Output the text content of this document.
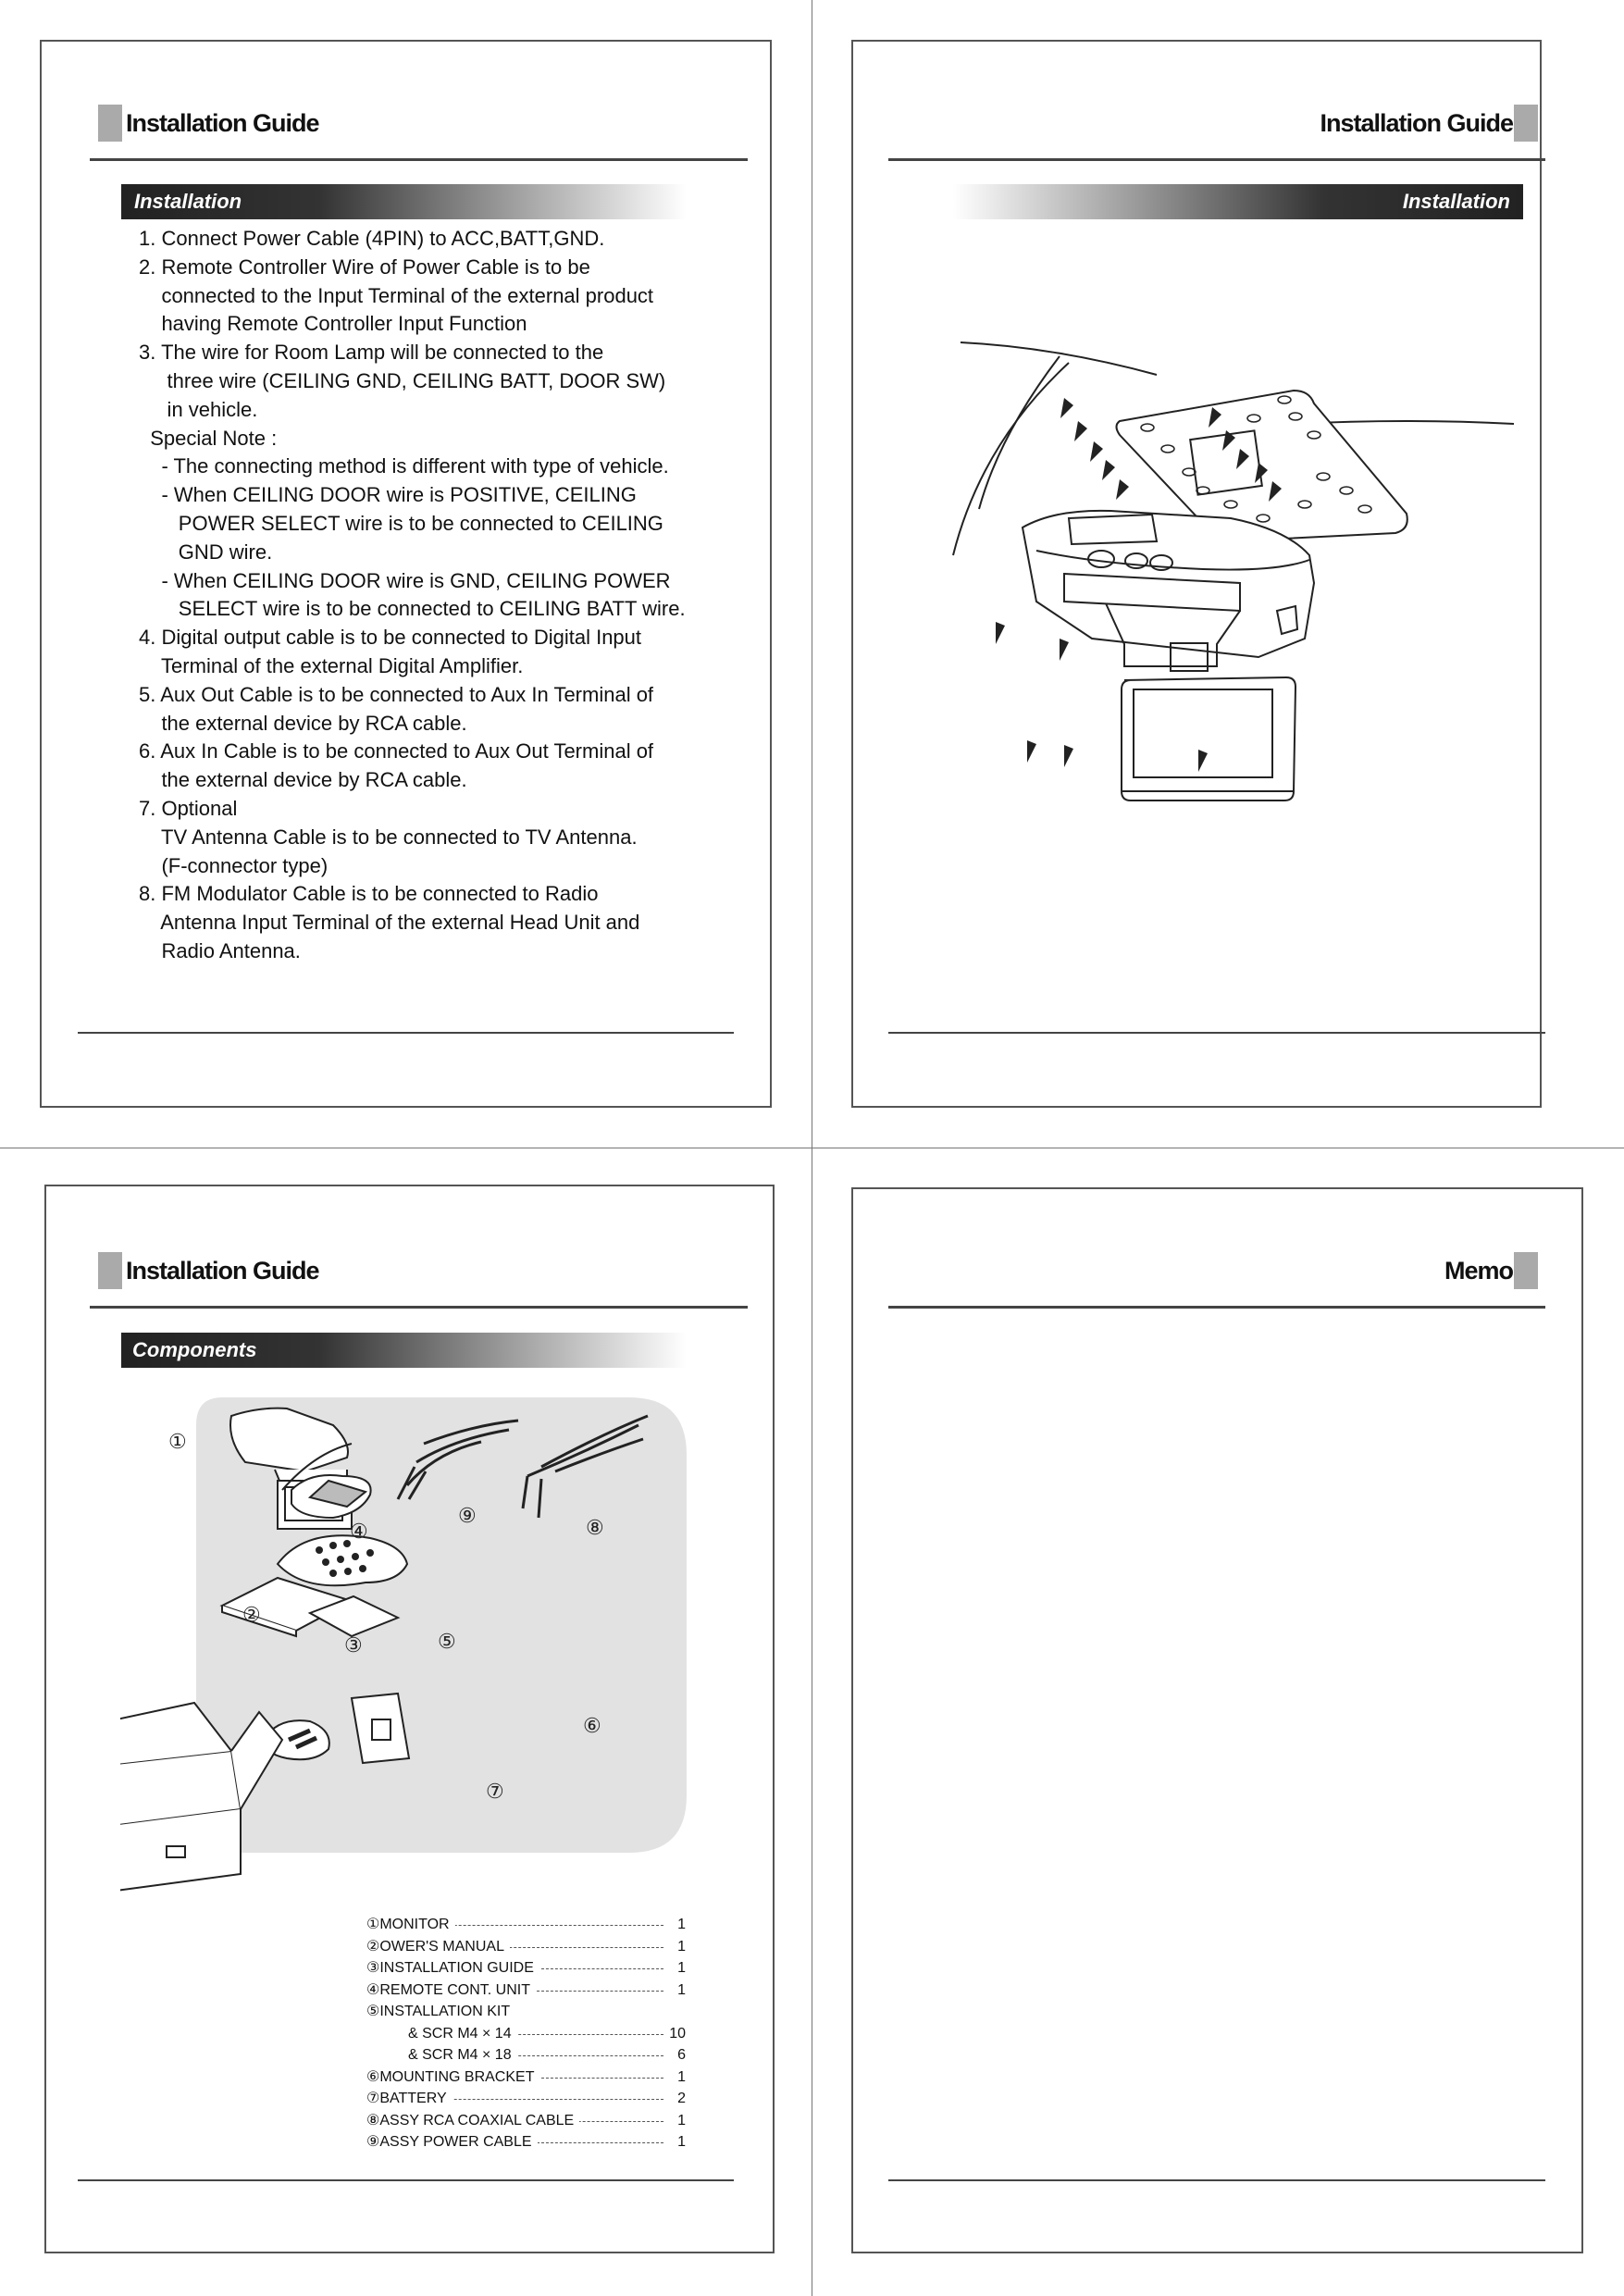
Installation Guide
Installation
1. Connect Power Cable (4PIN) to ACC,BATT,GND.
2. Remote Controller Wire of Power Cable is to be
connected to the Input Terminal of the external product
having Remote Controller Input Function
3. The wire for Room Lamp will be connected to the
three wire (CEILING GND, CEILING BATT, DOOR SW)
in vehicle.
Special Note :
- The connecting method is different with type of vehicle.
- When CEILING DOOR wire is POSITIVE, CEILING
POWER SELECT wire is to be connected to CEILING
GND wire.
- When CEILING DOOR wire is GND, CEILING POWER
SELECT wire is to be connected to CEILING BATT wire.
4. Digital output cable is to be connected to Digital Input
Terminal of the external Digital Amplifier.
5. Aux Out Cable is to be connected to Aux In Terminal of
the external device by RCA cable.
6. Aux In Cable is to be connected to Aux Out Terminal of
the external device by RCA cable.
7. Optional
TV Antenna Cable is to be connected to TV Antenna.
(F-connector type)
8. FM Modulator Cable is to be connected to Radio
Antenna Input Terminal of the external Head Unit and
Radio Antenna.
Installation Guide
Installation
Installation Guide
Components
①
②
③
④
⑤
⑥
⑦
⑧
⑨
①MONITOR	1
②OWER'S MANUAL	1
③INSTALLATION GUIDE	1
④REMOTE CONT. UNIT	1
⑤INSTALLATION KIT
& SCR M4 × 14	10
& SCR M4 × 18	6
⑥MOUNTING BRACKET	1
⑦BATTERY	2
⑧ASSY RCA COAXIAL CABLE	1
⑨ASSY POWER CABLE	1
Memo
